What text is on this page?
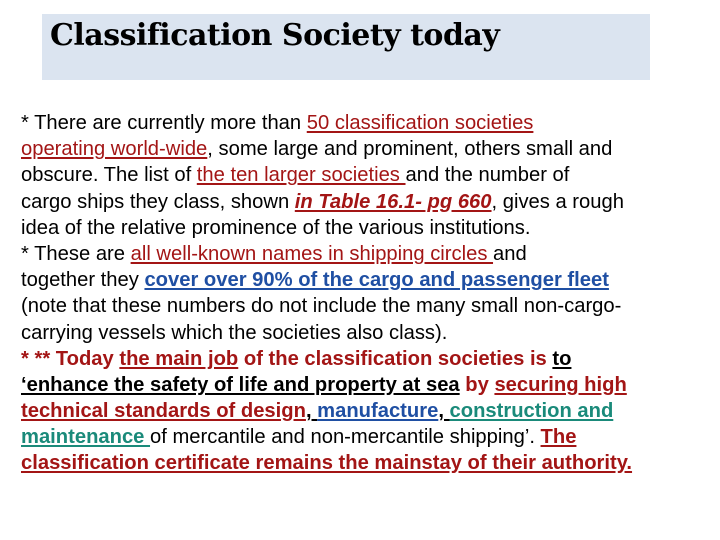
Classification Society today
* There are currently more than 50 classification societies
operating world-wide, some large and prominent, others small and
obscure. The list of the ten larger societies and the number of
cargo ships they class, shown in Table 16.1- pg 660, gives a rough
idea of the relative prominence of the various institutions.
* These are all well-known names in shipping circles and
together they cover over 90% of the cargo and passenger fleet
(note that these numbers do not include the many small non-cargo-
carrying vessels which the societies also class).
* ** Today the main job of the classification societies is to
‘enhance the safety of life and property at sea by securing high
technical standards of design, manufacture, construction and
maintenance of mercantile and non-mercantile shipping’. The
classification certificate remains the mainstay of their authority.
